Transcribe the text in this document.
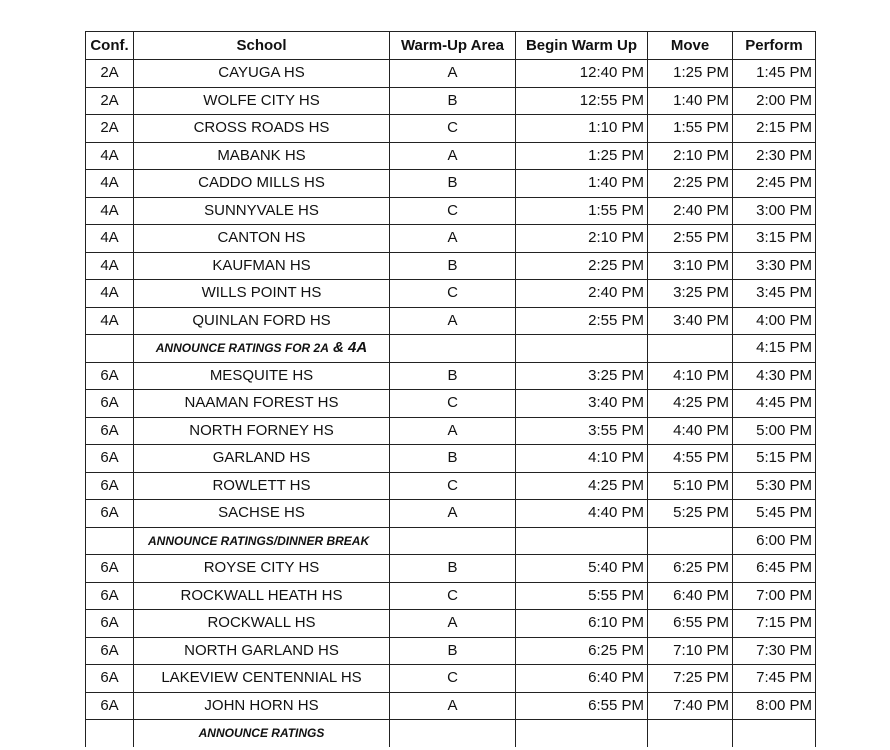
Conf.	School	Warm-Up Area	Begin Warm Up	Move	Perform
2A	CAYUGA HS	A	12:40 PM	1:25 PM	1:45 PM
2A	WOLFE CITY HS	B	12:55 PM	1:40 PM	2:00 PM
2A	CROSS ROADS HS	C	1:10 PM	1:55 PM	2:15 PM
4A	MABANK HS	A	1:25 PM	2:10 PM	2:30 PM
4A	CADDO MILLS HS	B	1:40 PM	2:25 PM	2:45 PM
4A	SUNNYVALE HS	C	1:55 PM	2:40 PM	3:00 PM
4A	CANTON HS	A	2:10 PM	2:55 PM	3:15 PM
4A	KAUFMAN HS	B	2:25 PM	3:10 PM	3:30 PM
4A	WILLS POINT HS	C	2:40 PM	3:25 PM	3:45 PM
4A	QUINLAN FORD HS	A	2:55 PM	3:40 PM	4:00 PM
	ANNOUNCE RATINGS FOR 2A & 4A				4:15 PM
6A	MESQUITE HS	B	3:25 PM	4:10 PM	4:30 PM
6A	NAAMAN FOREST HS	C	3:40 PM	4:25 PM	4:45 PM
6A	NORTH FORNEY HS	A	3:55 PM	4:40 PM	5:00 PM
6A	GARLAND HS	B	4:10 PM	4:55 PM	5:15 PM
6A	ROWLETT HS	C	4:25 PM	5:10 PM	5:30 PM
6A	SACHSE HS	A	4:40 PM	5:25 PM	5:45 PM
	ANNOUNCE RATINGS/DINNER BREAK				6:00 PM
6A	ROYSE CITY HS	B	5:40 PM	6:25 PM	6:45 PM
6A	ROCKWALL HEATH HS	C	5:55 PM	6:40 PM	7:00 PM
6A	ROCKWALL HS	A	6:10 PM	6:55 PM	7:15 PM
6A	NORTH GARLAND HS	B	6:25 PM	7:10 PM	7:30 PM
6A	LAKEVIEW CENTENNIAL HS	C	6:40 PM	7:25 PM	7:45 PM
6A	JOHN HORN HS	A	6:55 PM	7:40 PM	8:00 PM
	ANNOUNCE RATINGS				
